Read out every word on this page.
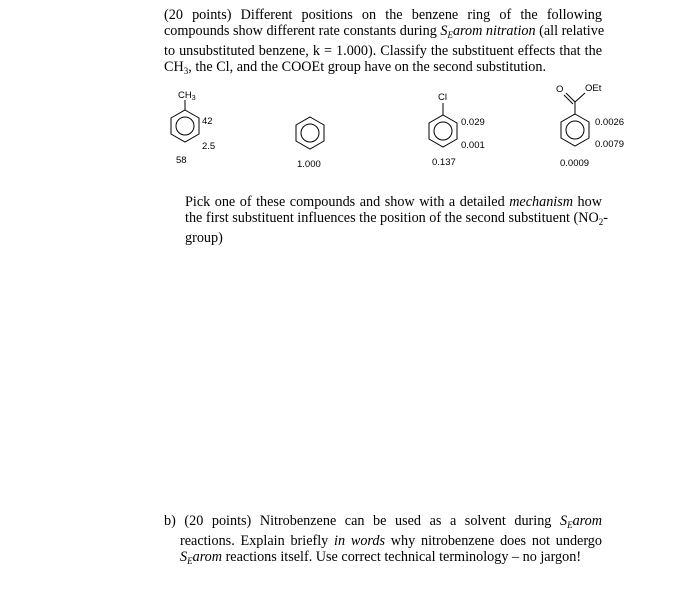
(20 points) Different positions on the benzene ring of the following
compounds show different rate constants during $S_Earom$ nitration (all relative
to unsubstituted benzene, k = 1.000). Classify the substituent effects that the
$CH_3$, the Cl, and the COOEt group have on the second substitution.
$CH_3$
42
2.5
58	1.000
Cl
0.029
0.001
0.137
O OEt
0.0026
0.0079
0.0009
Pick one of these compounds and show with a detailed mechanism how
the first substituent influences the position of the second substituent ($NO_2-$
group)
b) (20 points) Nitrobenzene can be used as a solvent during $S_Earom$
reactions. Explain briefly in words why nitrobenzene does not undergo
$S_Earom$ reactions itself. Use correct technical terminology – no jargon!
